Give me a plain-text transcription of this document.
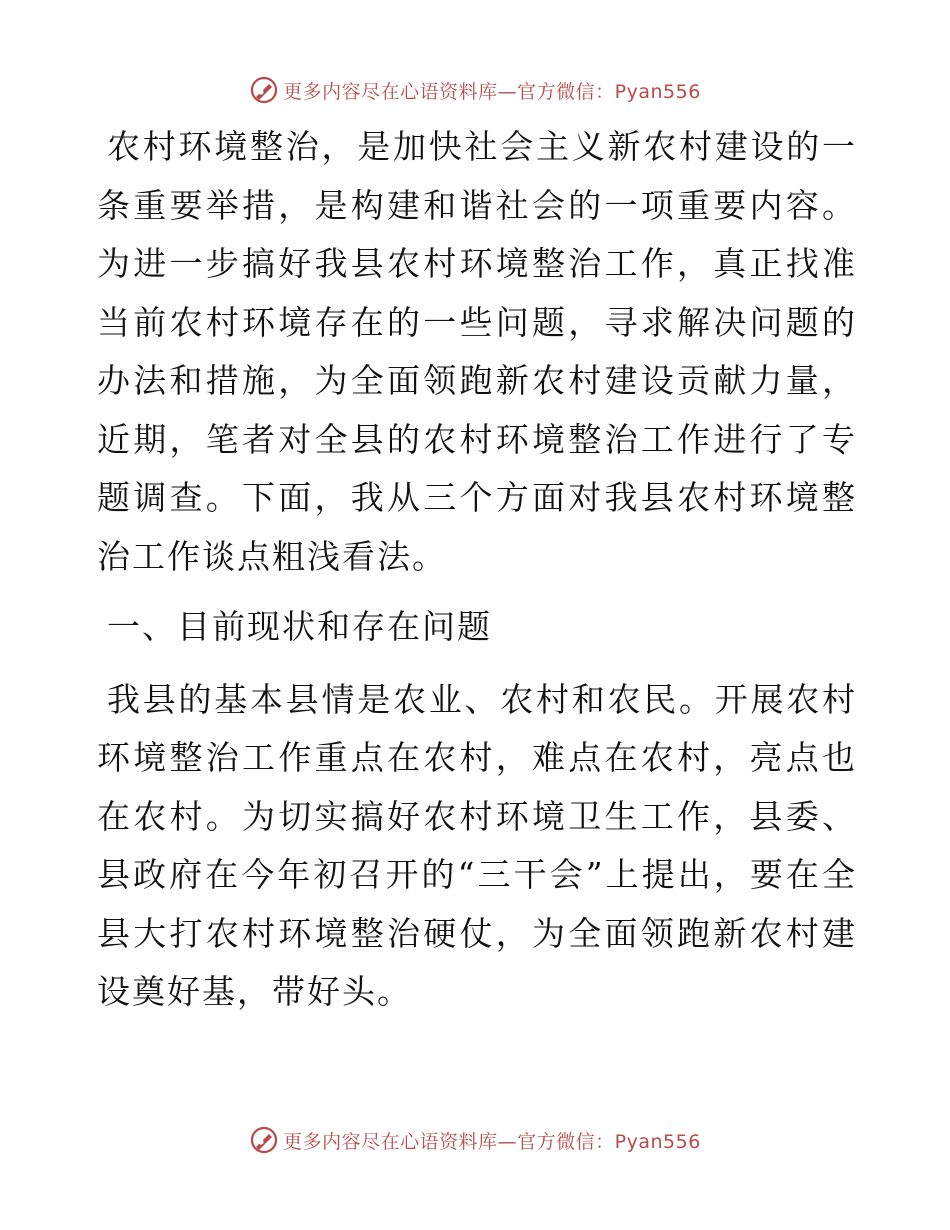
更多内容尽在心语资料库—官方微信：Pyan556

农村环境整治，是加快社会主义新农村建设的一条重要举措，是构建和谐社会的一项重要内容。为进一步搞好我县农村环境整治工作，真正找准当前农村环境存在的一些问题，寻求解决问题的办法和措施，为全面领跑新农村建设贡献力量，近期，笔者对全县的农村环境整治工作进行了专题调查。下面，我从三个方面对我县农村环境整治工作谈点粗浅看法。

一、目前现状和存在问题

我县的基本县情是农业、农村和农民。开展农村环境整治工作重点在农村，难点在农村，亮点也在农村。为切实搞好农村环境卫生工作，县委、县政府在今年初召开的“三干会”上提出，要在全县大打农村环境整治硬仗，为全面领跑新农村建设奠好基，带好头。

更多内容尽在心语资料库—官方微信：Pyan556
